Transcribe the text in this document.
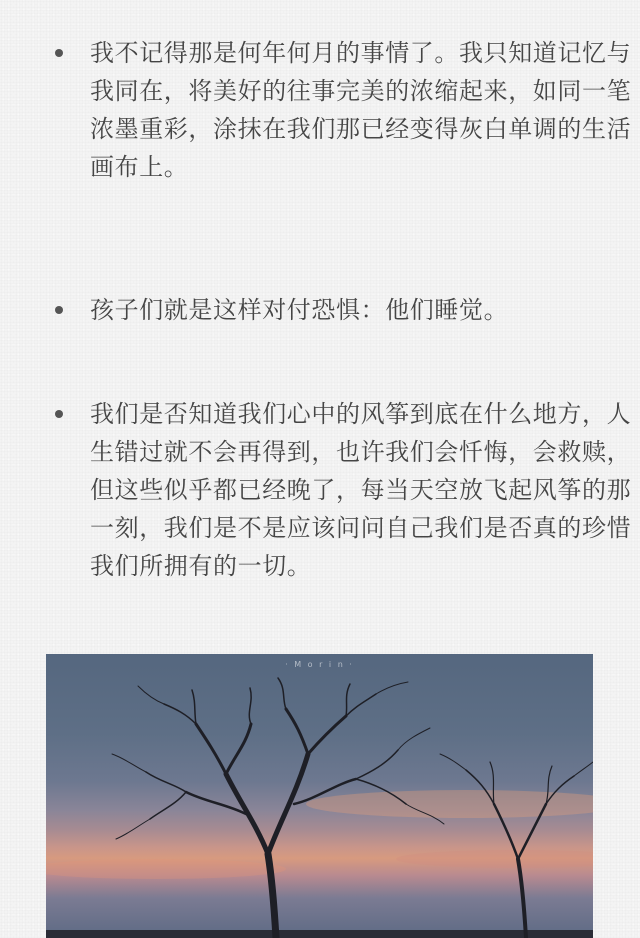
我不记得那是何年何月的事情了。我只知道记忆与
我同在，将美好的往事完美的浓缩起来，如同一笔
浓墨重彩，涂抹在我们那已经变得灰白单调的生活
画布上。

孩子们就是这样对付恐惧：他们睡觉。

我们是否知道我们心中的风筝到底在什么地方，人
生错过就不会再得到，也许我们会忏悔，会救赎，
但这些似乎都已经晚了，每当天空放飞起风筝的那
一刻，我们是不是应该问问自己我们是否真的珍惜
我们所拥有的一切。

· M o r i n ·
